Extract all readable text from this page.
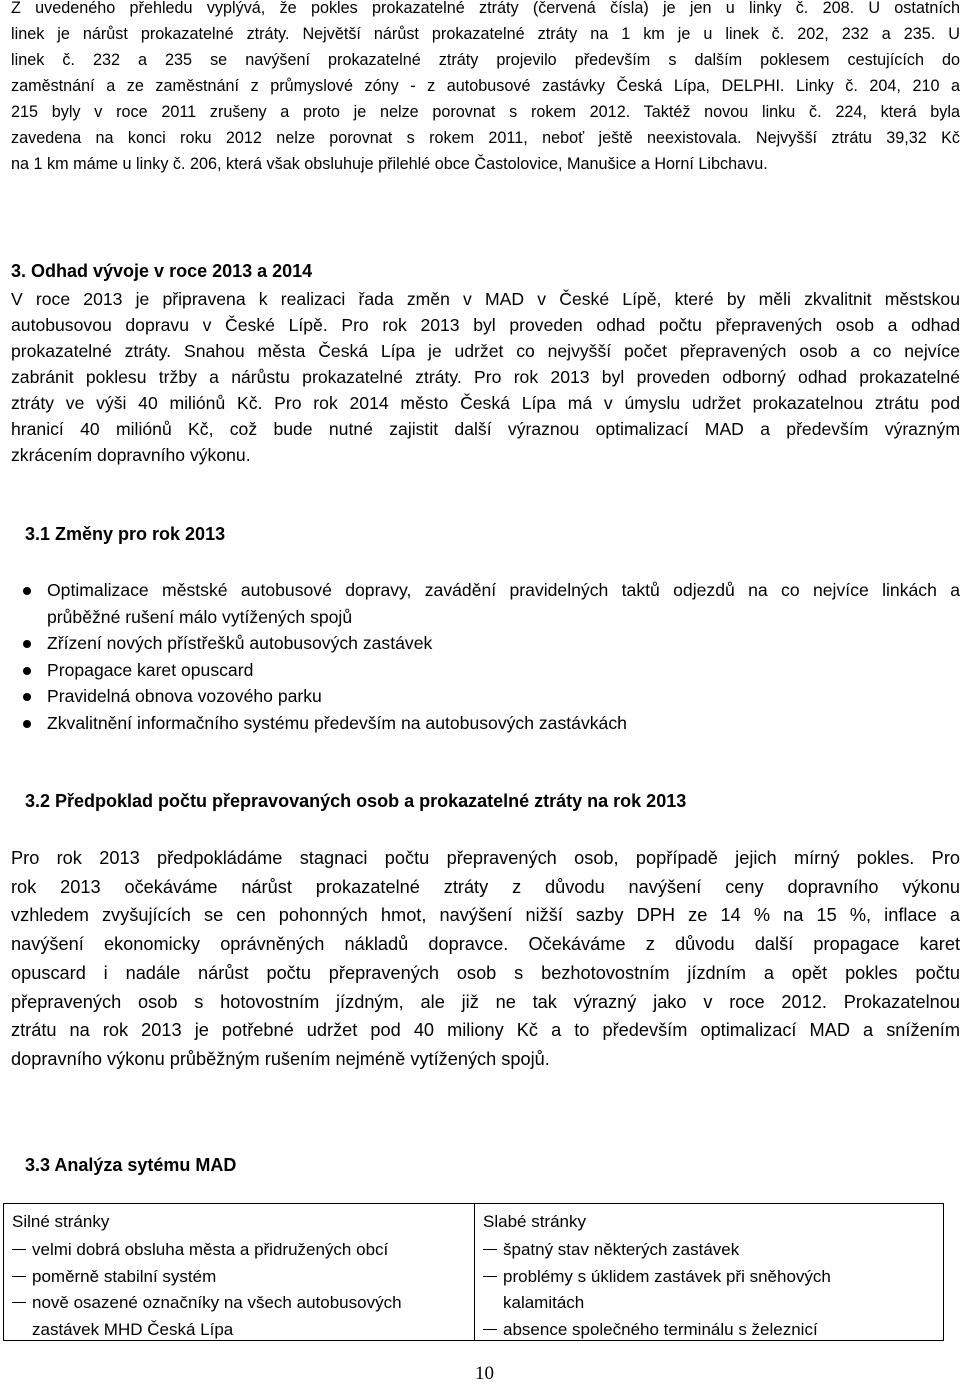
Z uvedeného přehledu vyplývá, že pokles prokazatelné ztráty (červená čísla) je jen u linky č. 208. U ostatních
linek je nárůst prokazatelné ztráty. Největší nárůst prokazatelné ztráty na 1 km je u linek č. 202, 232 a 235. U
linek č. 232 a 235 se navýšení prokazatelné ztráty projevilo především s dalším poklesem cestujících do
zaměstnání a ze zaměstnání z průmyslové zóny - z autobusové zastávky Česká Lípa, DELPHI. Linky č. 204, 210 a
215 byly v roce 2011 zrušeny a proto je nelze porovnat s rokem 2012. Taktéž novou linku č. 224, která byla
zavedena na konci roku 2012 nelze porovnat s rokem 2011, neboť ještě neexistovala. Nejvyšší ztrátu 39,32 Kč
na 1 km máme u linky č. 206, která však obsluhuje přilehlé obce Častolovice, Manušice a Horní Libchavu.
3. Odhad vývoje v roce 2013 a 2014
V roce 2013 je připravena k realizaci řada změn v MAD v České Lípě, které by měli zkvalitnit městskou
autobusovou dopravu v České Lípě. Pro rok 2013 byl proveden odhad počtu přepravených osob a odhad
prokazatelné ztráty. Snahou města Česká Lípa je udržet co nejvyšší počet přepravených osob a co nejvíce
zabránit poklesu tržby a nárůstu prokazatelné ztráty. Pro rok 2013 byl proveden odborný odhad prokazatelné
ztráty ve výši 40 miliónů Kč. Pro rok 2014 město Česká Lípa má v úmyslu udržet prokazatelnou ztrátu pod
hranicí 40 miliónů Kč, což bude nutné zajistit další výraznou optimalizací MAD a především výrazným
zkrácením dopravního výkonu.
3.1 Změny pro rok 2013
Optimalizace městské autobusové dopravy, zavádění pravidelných taktů odjezdů na co nejvíce linkách a
průběžné rušení málo vytížených spojů
Zřízení nových přístřešků autobusových zastávek
Propagace karet opuscard
Pravidelná obnova vozového parku
Zkvalitnění informačního systému především na autobusových zastávkách
3.2 Předpoklad počtu přepravovaných osob a prokazatelné ztráty na rok 2013
Pro rok 2013 předpokládáme stagnaci počtu přepravených osob, popřípadě jejich mírný pokles. Pro
rok 2013 očekáváme nárůst prokazatelné ztráty z důvodu navýšení ceny dopravního výkonu
vzhledem zvyšujících se cen pohonných hmot, navýšení nižší sazby DPH ze 14 % na 15 %, inflace a
navýšení ekonomicky oprávněných nákladů dopravce. Očekáváme z důvodu další propagace karet
opuscard i nadále nárůst počtu přepravených osob s bezhotovostním jízdním a opět pokles počtu
přepravených osob s hotovostním jízdným, ale již ne tak výrazný jako v roce 2012. Prokazatelnou
ztrátu na rok 2013 je potřebné udržet pod 40 miliony Kč a to především optimalizací MAD a snížením
dopravního výkonu průběžným rušením nejméně vytížených spojů.
3.3 Analýza sytému MAD
Silné stránky
velmi dobrá obsluha města a přidružených obcí
poměrně stabilní systém
nově osazené označníky na všech autobusových
zastávek MHD Česká Lípa
Slabé stránky
špatný stav některých zastávek
problémy s úklidem zastávek při sněhových
kalamitách
absence společného terminálu s železnicí
10
